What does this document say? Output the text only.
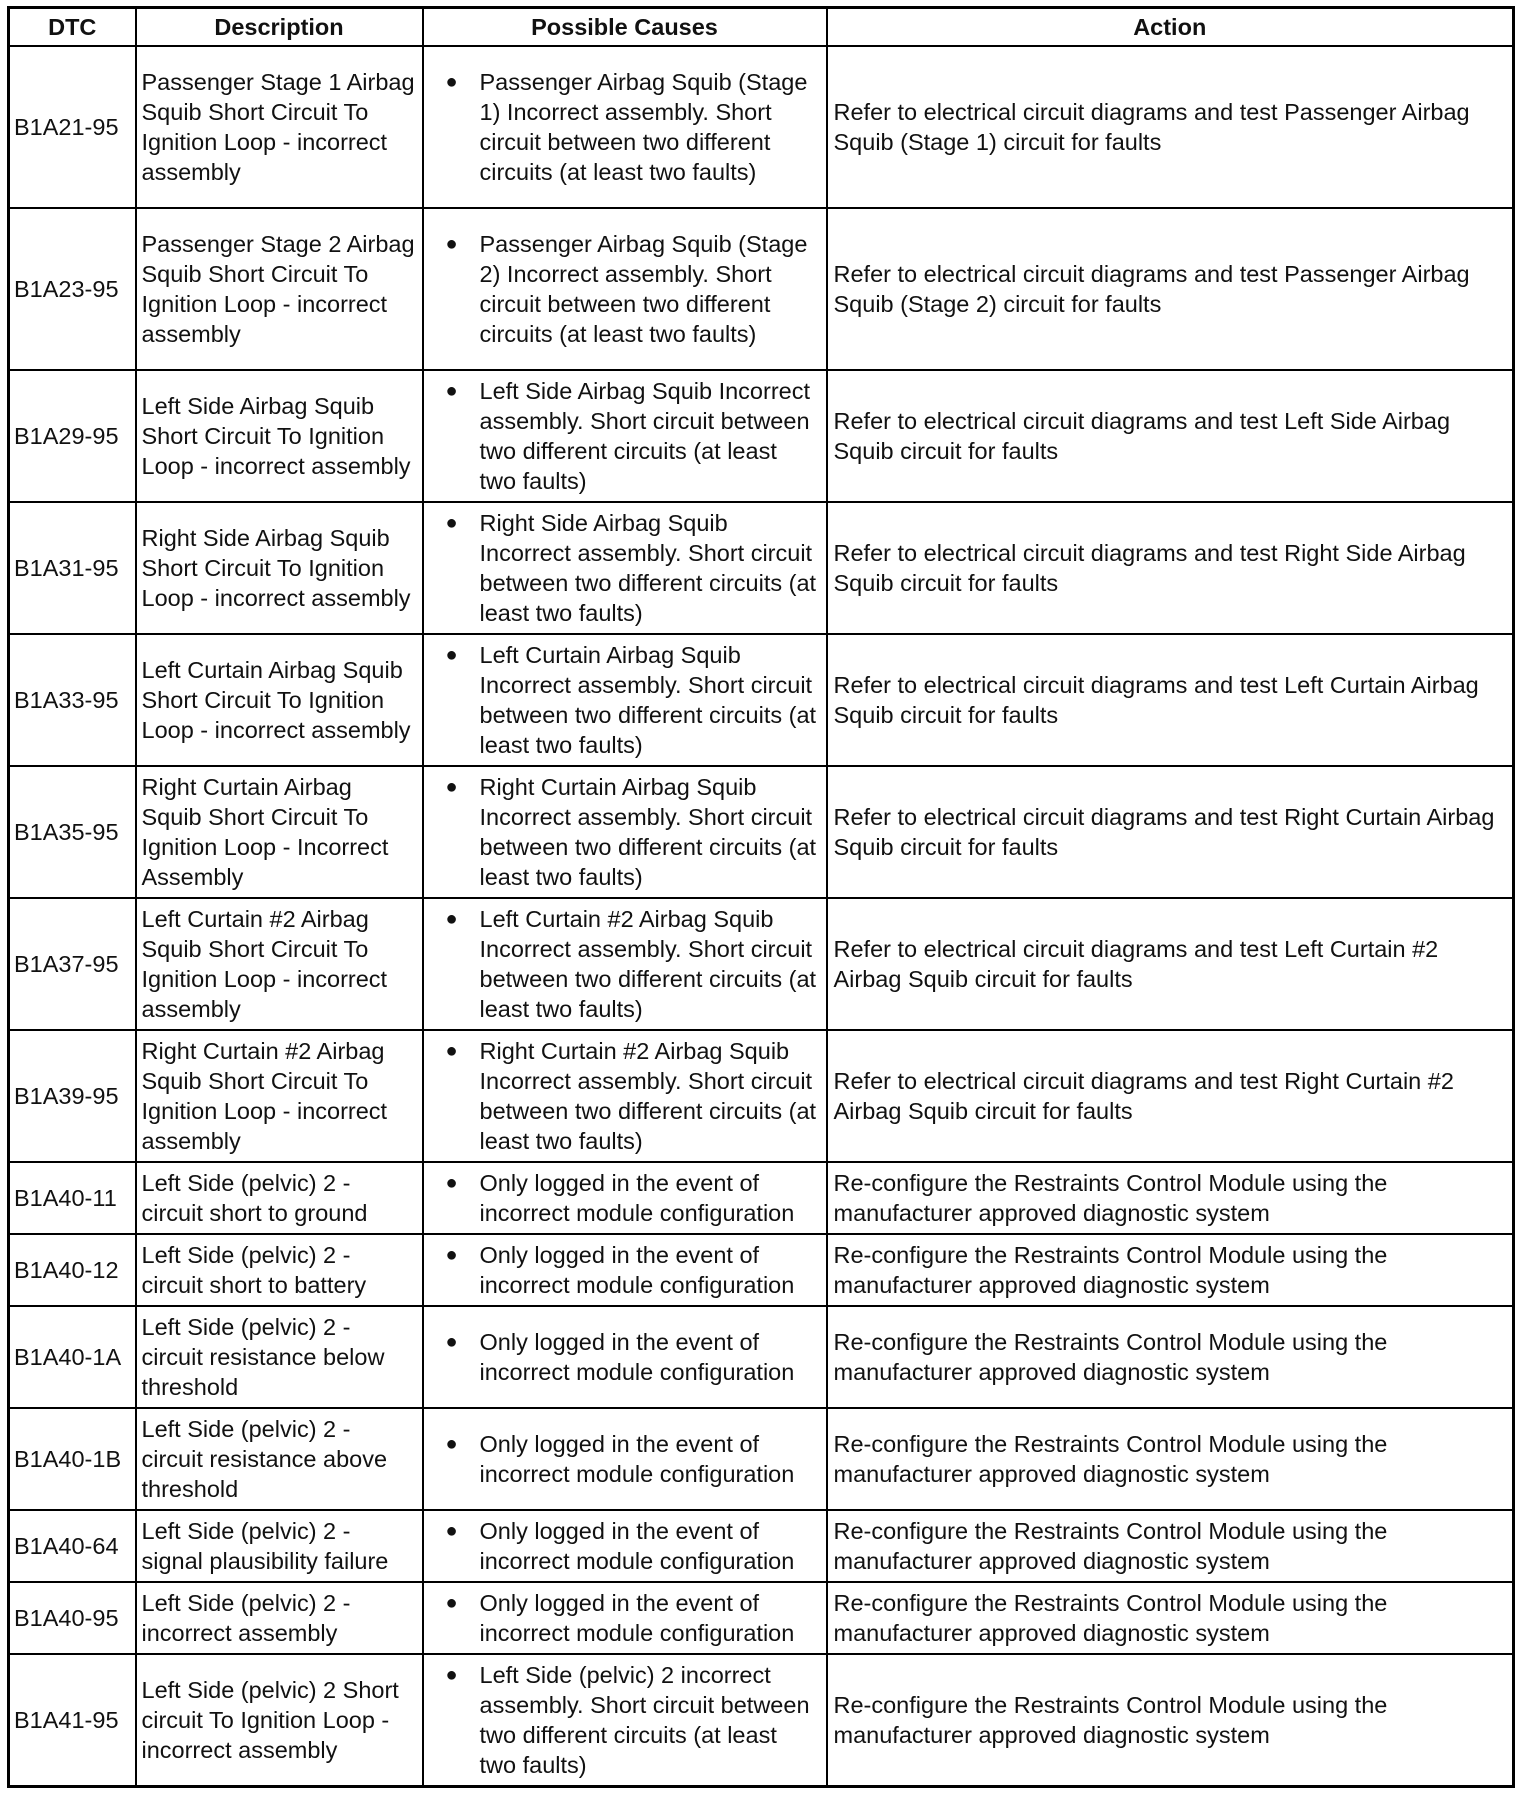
DTC	Description	Possible Causes	Action
B1A21-95	Passenger Stage 1 Airbag Squib Short Circuit To Ignition Loop - incorrect assembly	● Passenger Airbag Squib (Stage 1) Incorrect assembly. Short circuit between two different circuits (at least two faults)	Refer to electrical circuit diagrams and test Passenger Airbag Squib (Stage 1) circuit for faults
B1A23-95	Passenger Stage 2 Airbag Squib Short Circuit To Ignition Loop - incorrect assembly	● Passenger Airbag Squib (Stage 2) Incorrect assembly. Short circuit between two different circuits (at least two faults)	Refer to electrical circuit diagrams and test Passenger Airbag Squib (Stage 2) circuit for faults
B1A29-95	Left Side Airbag Squib Short Circuit To Ignition Loop - incorrect assembly	● Left Side Airbag Squib Incorrect assembly. Short circuit between two different circuits (at least two faults)	Refer to electrical circuit diagrams and test Left Side Airbag Squib circuit for faults
B1A31-95	Right Side Airbag Squib Short Circuit To Ignition Loop - incorrect assembly	● Right Side Airbag Squib Incorrect assembly. Short circuit between two different circuits (at least two faults)	Refer to electrical circuit diagrams and test Right Side Airbag Squib circuit for faults
B1A33-95	Left Curtain Airbag Squib Short Circuit To Ignition Loop - incorrect assembly	● Left Curtain Airbag Squib Incorrect assembly. Short circuit between two different circuits (at least two faults)	Refer to electrical circuit diagrams and test Left Curtain Airbag Squib circuit for faults
B1A35-95	Right Curtain Airbag Squib Short Circuit To Ignition Loop - Incorrect Assembly	● Right Curtain Airbag Squib Incorrect assembly. Short circuit between two different circuits (at least two faults)	Refer to electrical circuit diagrams and test Right Curtain Airbag Squib circuit for faults
B1A37-95	Left Curtain #2 Airbag Squib Short Circuit To Ignition Loop - incorrect assembly	● Left Curtain #2 Airbag Squib Incorrect assembly. Short circuit between two different circuits (at least two faults)	Refer to electrical circuit diagrams and test Left Curtain #2 Airbag Squib circuit for faults
B1A39-95	Right Curtain #2 Airbag Squib Short Circuit To Ignition Loop - incorrect assembly	● Right Curtain #2 Airbag Squib Incorrect assembly. Short circuit between two different circuits (at least two faults)	Refer to electrical circuit diagrams and test Right Curtain #2 Airbag Squib circuit for faults
B1A40-11	Left Side (pelvic) 2 - circuit short to ground	● Only logged in the event of incorrect module configuration	Re-configure the Restraints Control Module using the manufacturer approved diagnostic system
B1A40-12	Left Side (pelvic) 2 - circuit short to battery	● Only logged in the event of incorrect module configuration	Re-configure the Restraints Control Module using the manufacturer approved diagnostic system
B1A40-1A	Left Side (pelvic) 2 - circuit resistance below threshold	● Only logged in the event of incorrect module configuration	Re-configure the Restraints Control Module using the manufacturer approved diagnostic system
B1A40-1B	Left Side (pelvic) 2 - circuit resistance above threshold	● Only logged in the event of incorrect module configuration	Re-configure the Restraints Control Module using the manufacturer approved diagnostic system
B1A40-64	Left Side (pelvic) 2 - signal plausibility failure	● Only logged in the event of incorrect module configuration	Re-configure the Restraints Control Module using the manufacturer approved diagnostic system
B1A40-95	Left Side (pelvic) 2 - incorrect assembly	● Only logged in the event of incorrect module configuration	Re-configure the Restraints Control Module using the manufacturer approved diagnostic system
B1A41-95	Left Side (pelvic) 2 Short circuit To Ignition Loop - incorrect assembly	● Left Side (pelvic) 2 incorrect assembly. Short circuit between two different circuits (at least two faults)	Re-configure the Restraints Control Module using the manufacturer approved diagnostic system
